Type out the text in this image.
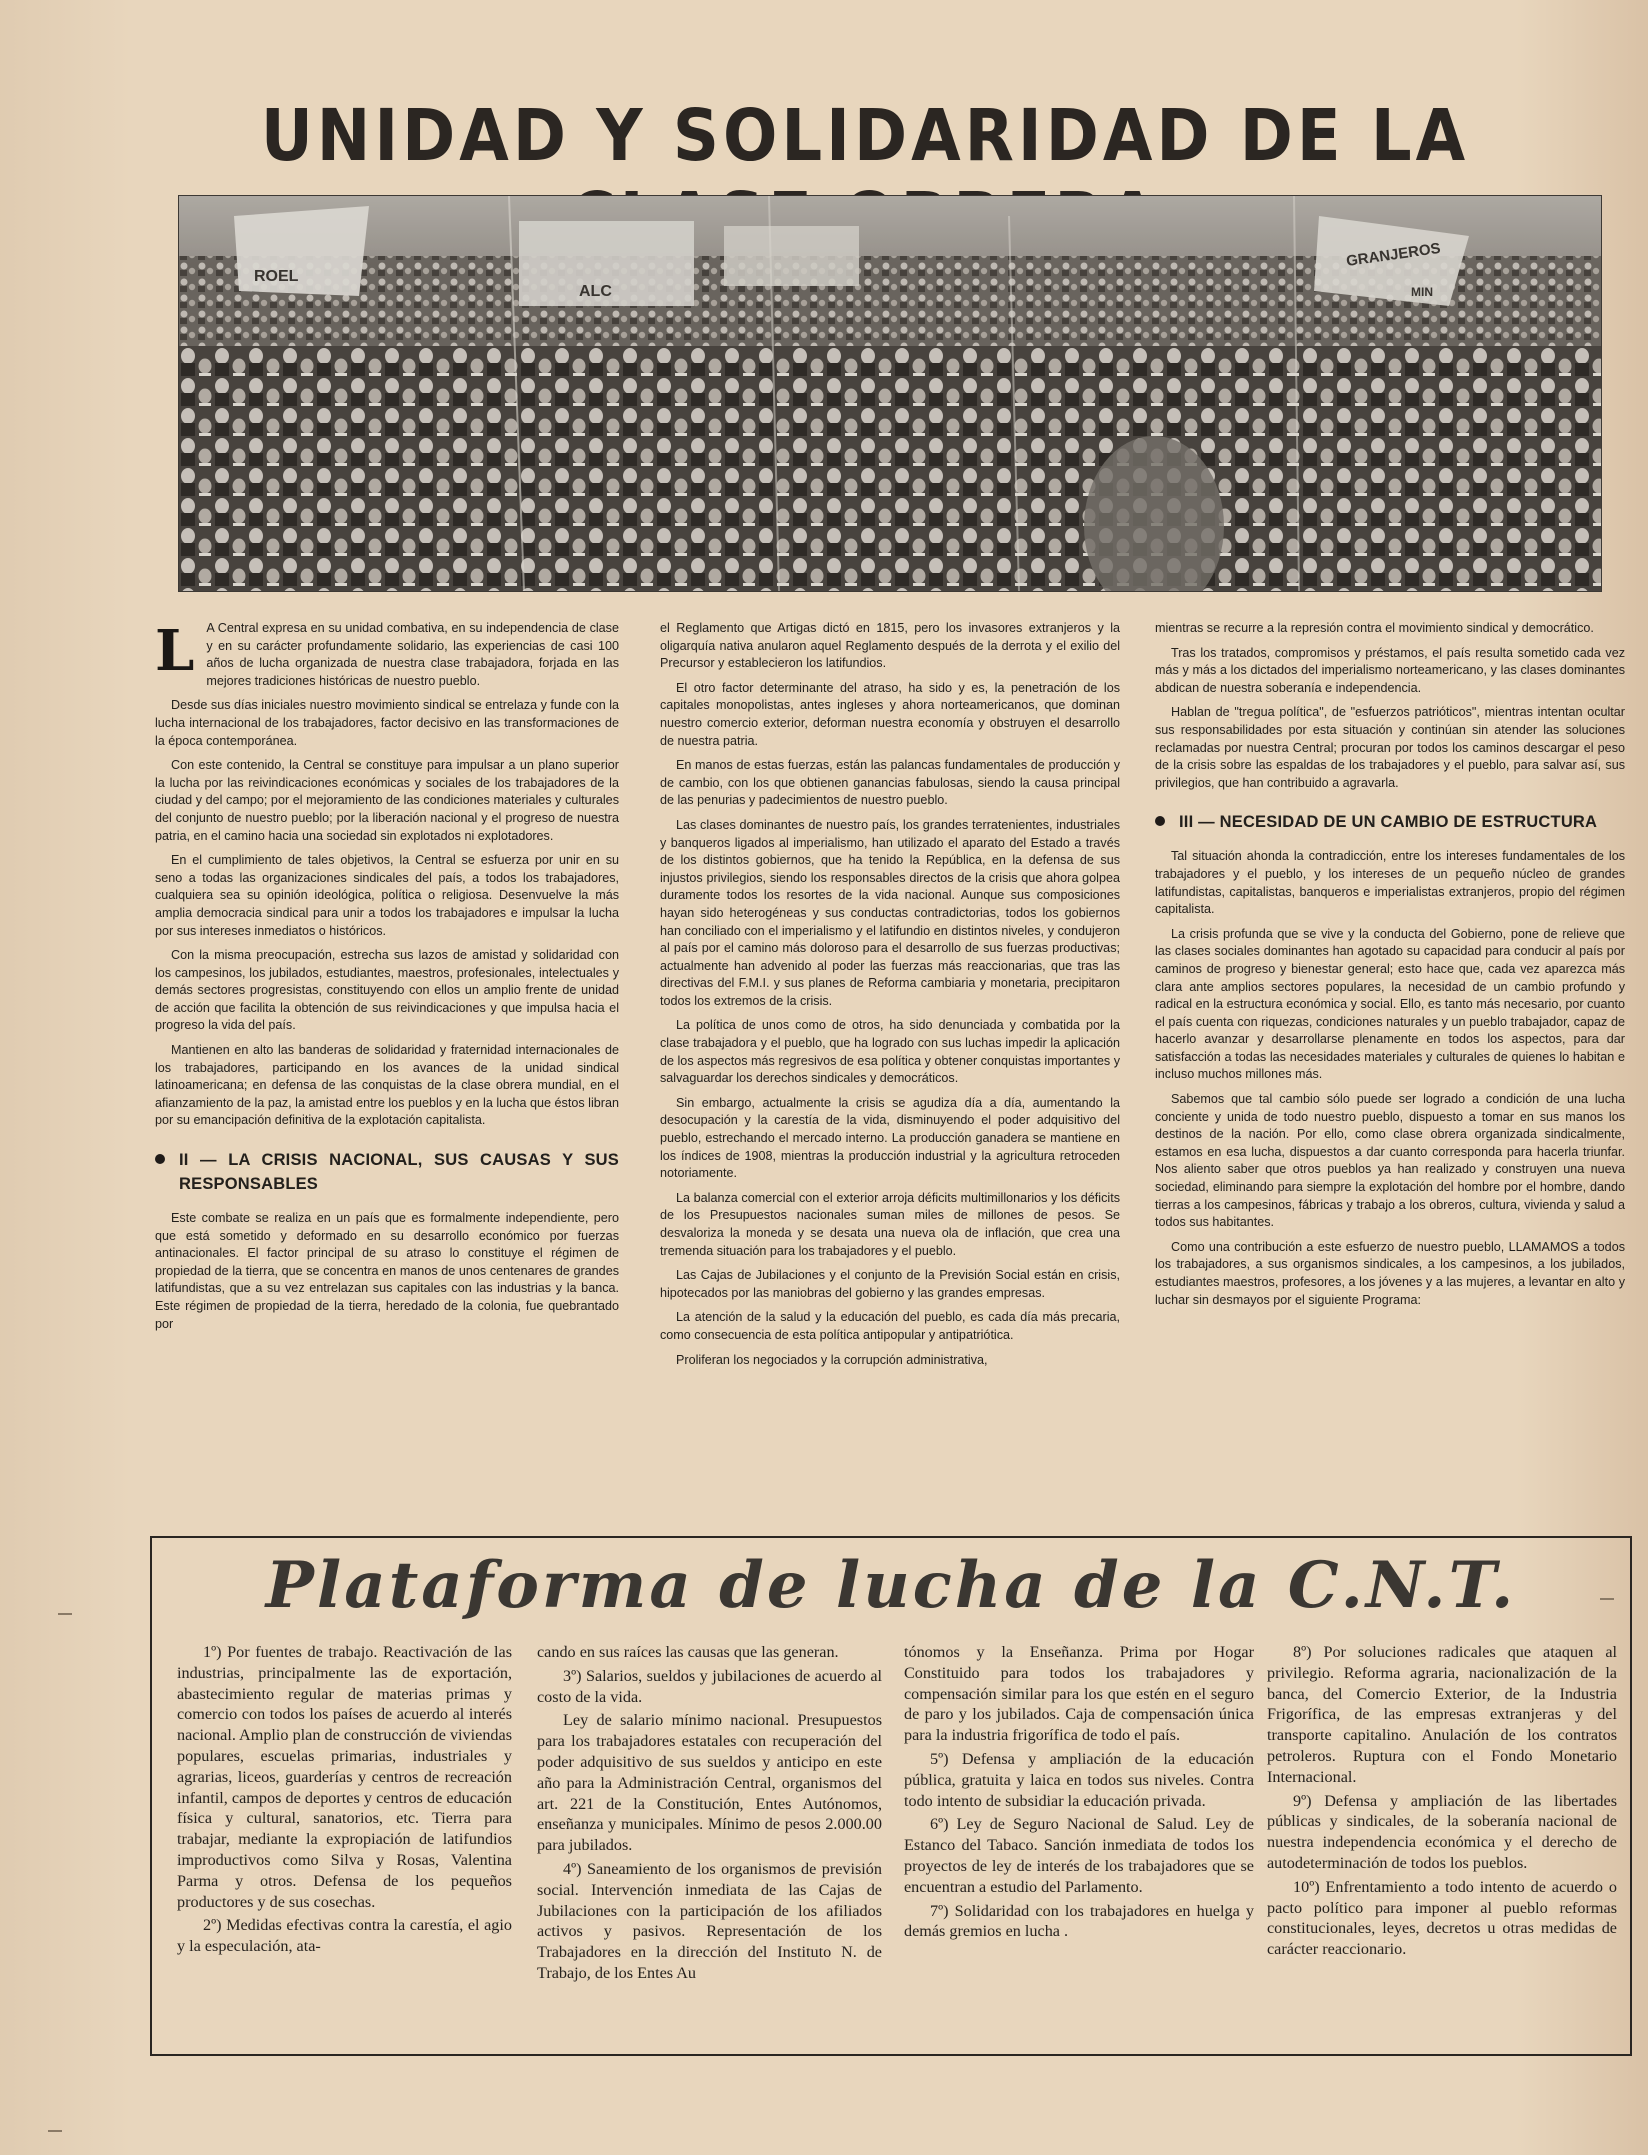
UNIDAD Y SOLIDARIDAD DE LA
ROEL
ALC
GRANJEROS
MIN
L A Central expresa en su unidad combativa, en su independencia de clase y en su carácter profundamente solidario, las experiencias de casi 100 años de lucha organizada de nuestra clase trabajadora, forjada en las mejores tradiciones históricas de nuestro pueblo.

Desde sus días iniciales nuestro movimiento sindical se entrelaza y funde con la lucha internacional de los trabajadores, factor decisivo en las transformaciones de la época contemporánea.

Con este contenido, la Central se constituye para impulsar a un plano superior la lucha por las reivindicaciones económicas y sociales de los trabajadores de la ciudad y del campo; por el mejoramiento de las condiciones materiales y culturales del conjunto de nuestro pueblo; por la liberación nacional y el progreso de nuestra patria, en el camino hacia una sociedad sin explotados ni explotadores.

En el cumplimiento de tales objetivos, la Central se esfuerza por unir en su seno a todas las organizaciones sindicales del país, a todos los trabajadores, cualquiera sea su opinión ideológica, política o religiosa. Desenvuelve la más amplia democracia sindical para unir a todos los trabajadores e impulsar la lucha por sus intereses inmediatos o históricos.

Con la misma preocupación, estrecha sus lazos de amistad y solidaridad con los campesinos, los jubilados, estudiantes, maestros, profesionales, intelectuales y demás sectores progresistas, constituyendo con ellos un amplio frente de unidad de acción que facilita la obtención de sus reivindicaciones y que impulsa hacia el progreso la vida del país.

Mantienen en alto las banderas de solidaridad y fraternidad internacionales de los trabajadores, participando en los avances de la unidad sindical latinoamericana; en defensa de las conquistas de la clase obrera mundial, en el afianzamiento de la paz, la amistad entre los pueblos y en la lucha que éstos libran por su emancipación definitiva de la explotación capitalista.

II — LA CRISIS NACIONAL, SUS CAUSAS Y SUS RESPONSABLES

Este combate se realiza en un país que es formalmente independiente, pero que está sometido y deformado en su desarrollo económico por fuerzas antinacionales. El factor principal de su atraso lo constituye el régimen de propiedad de la tierra, que se concentra en manos de unos centenares de grandes latifundistas, que a su vez entrelazan sus capitales con las industrias y la banca. Este régimen de propiedad de la tierra, heredado de la colonia, fue quebrantado por

el Reglamento que Artigas dictó en 1815, pero los invasores extranjeros y la oligarquía nativa anularon aquel Reglamento después de la derrota y el exilio del Precursor y establecieron los latifundios.

El otro factor determinante del atraso, ha sido y es, la penetración de los capitales monopolistas, antes ingleses y ahora norteamericanos, que dominan nuestro comercio exterior, deforman nuestra economía y obstruyen el desarrollo de nuestra patria.

En manos de estas fuerzas, están las palancas fundamentales de producción y de cambio, con los que obtienen ganancias fabulosas, siendo la causa principal de las penurias y padecimientos de nuestro pueblo.

Las clases dominantes de nuestro país, los grandes terratenientes, industriales y banqueros ligados al imperialismo, han utilizado el aparato del Estado a través de los distintos gobiernos, que ha tenido la República, en la defensa de sus injustos privilegios, siendo los responsables directos de la crisis que ahora golpea duramente todos los resortes de la vida nacional. Aunque sus composiciones hayan sido heterogéneas y sus conductas contradictorias, todos los gobiernos han conciliado con el imperialismo y el latifundio en distintos niveles, y condujeron al país por el camino más doloroso para el desarrollo de sus fuerzas productivas; actualmente han advenido al poder las fuerzas más reaccionarias, que tras las directivas del F.M.I. y sus planes de Reforma cambiaria y monetaria, precipitaron todos los extremos de la crisis.

La política de unos como de otros, ha sido denunciada y combatida por la clase trabajadora y el pueblo, que ha logrado con sus luchas impedir la aplicación de los aspectos más regresivos de esa política y obtener conquistas importantes y salvaguardar los derechos sindicales y democráticos.

Sin embargo, actualmente la crisis se agudiza día a día, aumentando la desocupación y la carestía de la vida, disminuyendo el poder adquisitivo del pueblo, estrechando el mercado interno. La producción ganadera se mantiene en los índices de 1908, mientras la producción industrial y la agricultura retroceden notoriamente.

La balanza comercial con el exterior arroja déficits multimillonarios y los déficits de los Presupuestos nacionales suman miles de millones de pesos. Se desvaloriza la moneda y se desata una nueva ola de inflación, que crea una tremenda situación para los trabajadores y el pueblo.

Las Cajas de Jubilaciones y el conjunto de la Previsión Social están en crisis, hipotecados por las maniobras del gobierno y las grandes empresas.

La atención de la salud y la educación del pueblo, es cada día más precaria, como consecuencia de esta política antipopular y antipatriótica.

Proliferan los negociados y la corrupción administrativa,

mientras se recurre a la represión contra el movimiento sindical y democrático.

Tras los tratados, compromisos y préstamos, el país resulta sometido cada vez más y más a los dictados del imperialismo norteamericano, y las clases dominantes abdican de nuestra soberanía e independencia.

Hablan de "tregua política", de "esfuerzos patrióticos", mientras intentan ocultar sus responsabilidades por esta situación y continúan sin atender las soluciones reclamadas por nuestra Central; procuran por todos los caminos descargar el peso de la crisis sobre las espaldas de los trabajadores y el pueblo, para salvar así, sus privilegios, que han contribuido a agravarla.

III — NECESIDAD DE UN CAMBIO DE ESTRUCTURA

Tal situación ahonda la contradicción, entre los intereses fundamentales de los trabajadores y el pueblo, y los intereses de un pequeño núcleo de grandes latifundistas, capitalistas, banqueros e imperialistas extranjeros, propio del régimen capitalista.

La crisis profunda que se vive y la conducta del Gobierno, pone de relieve que las clases sociales dominantes han agotado su capacidad para conducir al país por caminos de progreso y bienestar general; esto hace que, cada vez aparezca más clara ante amplios sectores populares, la necesidad de un cambio profundo y radical en la estructura económica y social. Ello, es tanto más necesario, por cuanto el país cuenta con riquezas, condiciones naturales y un pueblo trabajador, capaz de hacerlo avanzar y desarrollarse plenamente en todos los aspectos, para dar satisfacción a todas las necesidades materiales y culturales de quienes lo habitan e incluso muchos millones más.

Sabemos que tal cambio sólo puede ser logrado a condición de una lucha conciente y unida de todo nuestro pueblo, dispuesto a tomar en sus manos los destinos de la nación. Por ello, como clase obrera organizada sindicalmente, estamos en esa lucha, dispuestos a dar cuanto corresponda para hacerla triunfar. Nos aliento saber que otros pueblos ya han realizado y construyen una nueva sociedad, eliminando para siempre la explotación del hombre por el hombre, dando tierras a los campesinos, fábricas y trabajo a los obreros, cultura, vivienda y salud a todos sus habitantes.

Como una contribución a este esfuerzo de nuestro pueblo, LLAMAMOS a todos los trabajadores, a sus organismos sindicales, a los campesinos, a los jubilados, estudiantes maestros, profesores, a los jóvenes y a las mujeres, a levantar en alto y luchar sin desmayos por el siguiente Programa:

Plataforma de lucha de la C.N.T.

1º) Por fuentes de trabajo. Reactivación de las industrias, principalmente las de exportación, abastecimiento regular de materias primas y comercio con todos los países de acuerdo al interés nacional. Amplio plan de construcción de viviendas populares, escuelas primarias, industriales y agrarias, liceos, guarderías y centros de recreación infantil, campos de deportes y centros de educación física y cultural, sanatorios, etc. Tierra para trabajar, mediante la expropiación de latifundios improductivos como Silva y Rosas, Valentina Parma y otros. Defensa de los pequeños productores y de sus cosechas.

2º) Medidas efectivas contra la carestía, el agio y la especulación, ata-

cando en sus raíces las causas que las generan.

3º) Salarios, sueldos y jubilaciones de acuerdo al costo de la vida.

Ley de salario mínimo nacional. Presupuestos para los trabajadores estatales con recuperación del poder adquisitivo de sus sueldos y anticipo en este año para la Administración Central, organismos del art. 221 de la Constitución, Entes Autónomos, enseñanza y municipales. Mínimo de pesos 2.000.00 para jubilados.

4º) Saneamiento de los organismos de previsión social. Intervención inmediata de las Cajas de Jubilaciones con la participación de los afiliados activos y pasivos. Representación de los Trabajadores en la dirección del Instituto N. de Trabajo, de los Entes Au

tónomos y la Enseñanza. Prima por Hogar Constituido para todos los trabajadores y compensación similar para los que estén en el seguro de paro y los jubilados. Caja de compensación única para la industria frigorífica de todo el país.

5º) Defensa y ampliación de la educación pública, gratuita y laica en todos sus niveles. Contra todo intento de subsidiar la educación privada.

6º) Ley de Seguro Nacional de Salud. Ley de Estanco del Tabaco. Sanción inmediata de todos los proyectos de ley de interés de los trabajadores que se encuentran a estudio del Parlamento.

7º) Solidaridad con los trabajadores en huelga y demás gremios en lucha .

8º) Por soluciones radicales que ataquen al privilegio. Reforma agraria, nacionalización de la banca, del Comercio Exterior, de la Industria Frigorífica, de las empresas extranjeras y del transporte capitalino. Anulación de los contratos petroleros. Ruptura con el Fondo Monetario Internacional.

9º) Defensa y ampliación de las libertades públicas y sindicales, de la soberanía nacional de nuestra independencia económica y el derecho de autodeterminación de todos los pueblos.

10º) Enfrentamiento a todo intento de acuerdo o pacto político para imponer al pueblo reformas constitucionales, leyes, decretos u otras medidas de carácter reaccionario.
